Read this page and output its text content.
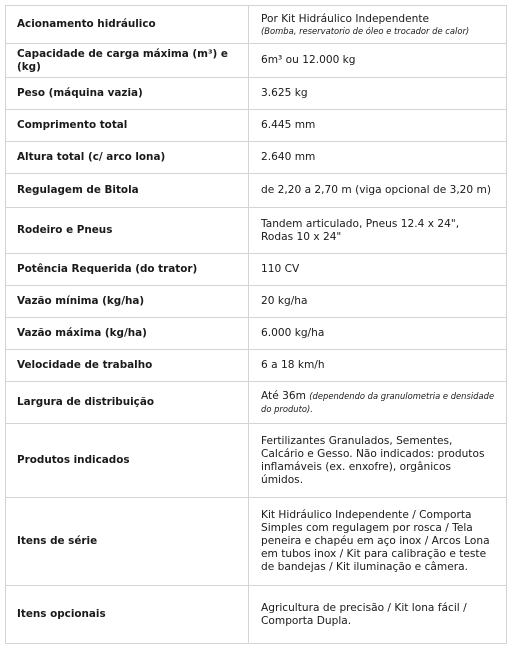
Acionamento hidráulico	Por Kit Hidráulico Independente
(Bomba, reservatorio de óleo e trocador de calor)

Capacidade de carga máxima (m³) e (kg)	6m³ ou 12.000 kg
Peso (máquina vazia)	3.625 kg
Comprimento total	6.445 mm
Altura total (c/ arco lona)	2.640 mm
Regulagem de Bitola	de 2,20 a 2,70 m (viga opcional de 3,20 m)
Rodeiro e Pneus	Tandem articulado, Pneus 12.4 x 24",
Rodas 10 x 24"

Potência Requerida (do trator)	110 CV
Vazão mínima (kg/ha)	20 kg/ha
Vazão máxima (kg/ha)	6.000 kg/ha
Velocidade de trabalho	6 a 18 km/h
Largura de distribuição	Até 36m (dependendo da granulometria e densidade do produto).
Produtos indicados	Fertilizantes Granulados, Sementes,
Calcário e Gesso. Não indicados: produtos
inflamáveis (ex. enxofre), orgânicos úmidos.

Itens de série	Kit Hidráulico Independente / Comporta
Simples com regulagem por rosca / Tela
peneira e chapéu em aço inox / Arcos Lona
em tubos inox / Kit para calibração e teste
de bandejas / Kit iluminação e câmera.

Itens opcionais	Agricultura de precisão / Kit lona fácil /
Comporta Dupla.
